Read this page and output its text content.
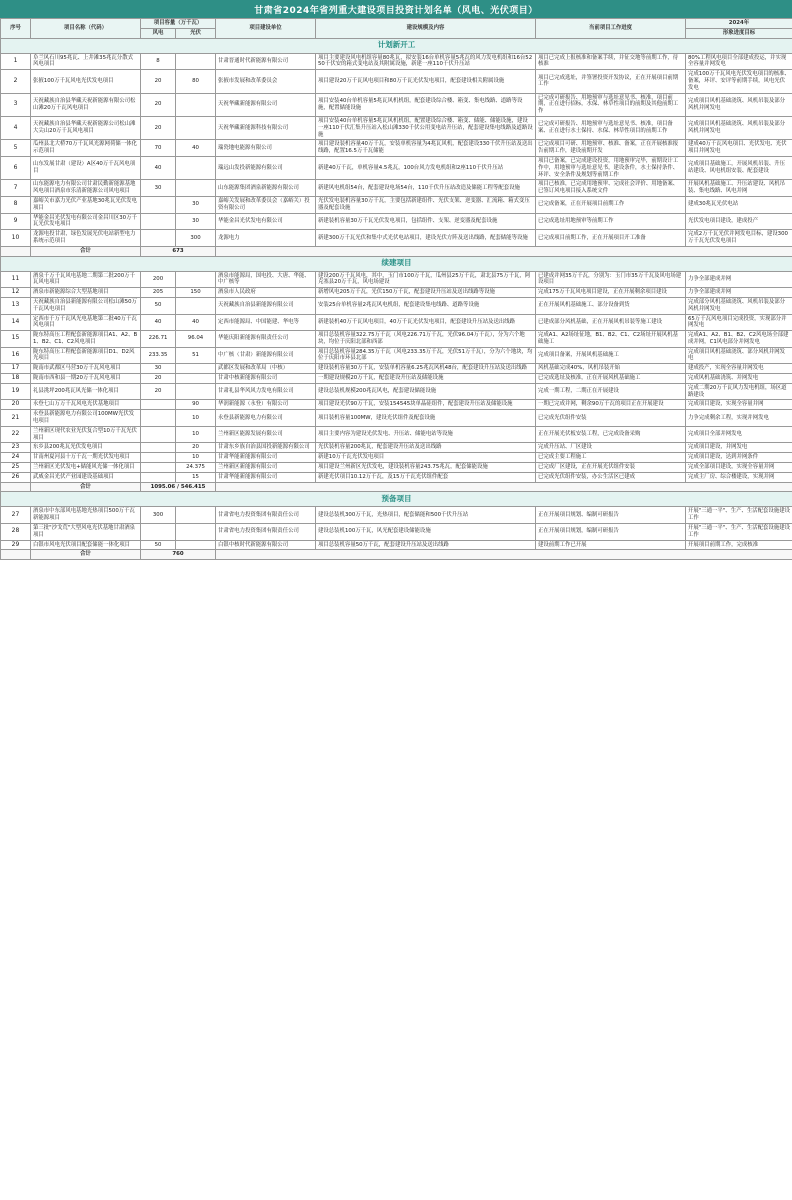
甘肃省2024年省列重大建设项目投资计划名单（风电、光伏项目）
序号	项目名称（代码）	项目容量（万千瓦）		项目建设单位	建设规模及内容	当前项目工作进度	2024年
		风电	光伏				形象进度目标

计划新开工							
1	阜兰风石川95兆瓦、上井滩35兆瓦分散式风电项目	8		甘肃晋通时代新能源有限公司	项目主要建设风电机组容量80兆瓦，拟安装16台单机容量5兆瓦的风力发电机组和16台5250千伏安的箱式变电站及其附属设施，新建一座110千伏升压站	项目已完成上报核准和备案手续，并征交地等前期工作，待核准	80%工程风电项目全部建成投运，并实现全容量并网发电
2	张掖100万千瓦风电光伏发电项目	20	80	张掖市发展和改革委员会	项目建设20万千瓦风电项目和80万千瓦光伏发电项目，配套建设相关附属设施	项目已完成选址，并签署投资开发协议，正在开展项目前期工作	完成100万千瓦风电光伏发电项目的核准、备案，环评、安评等前期手续，风电光伏发电
3	天祝藏族自治县华藏天祝新能源有限公司松山滩20万千瓦风电项目	20		天祝华藏新能源有限公司	项目安装40台单机容量5兆瓦风机机组，配套建设综合楼、箱变、集电线路、道路等设施，配置储能设施	已完成可研报告、用地预审与选址意见书、核准，项目前期，正在进行招标，水保、林草性项目的前期及其他前期工作	完成项目风机基础浇筑、风机吊装及部分风机并网发电
4	天祝藏族自治县华藏天祝新能源公司松山滩大尖山20万千瓦风电项目	20		天祝华藏新能源科技有限公司	项目安装40台单机容量5兆瓦风机机组，配置建设综合楼、箱变、储能、储能设施，建设一座110千伏汇集升压站入松山滩330千伏公用变电站升压站，配套建设集电线路及道路设施	已完成可研报告、用地预审与选址意见书、核准，项目备案、正在进行水土保持、水保、林草性项目的前期工作	完成项目风机基础浇筑、风机吊装及部分风机并网发电
5	瓜州县北大桥70万千瓦风光源网荷储一体化示范项目	70	40	瑞瓷地电能源有限公司	项目建设装机容量40万千瓦，安装单机容量为4兆瓦风机，配套建设330千伏升压站及送出线路，配置16.5万千瓦储能	已完成项目可研、用地预审、核准、备案，正在开展核准报告前期工作，建设前期开发	建成40万千瓦风电项目、光伏发电、光伏项目并网发电
6	山东发展甘肃（建设）A区40万千瓦风电项目	40		瑞远山发投新能源有限公司	新建40万千瓦，单机容量4.5兆瓦，100台风力发电机组和2座110千伏升压站	项目已备案，已完成建设投资，用地预审完毕，前期设计工作中，用地预审与选址意见书，建设条件，水土保持条件、环评、安全条件及规划等前期工作	完成项目基础施工，开展风机吊装、升压站建设、风电机组安装、配套建设
7	山东能源电力有限公司甘肃民勤新能源基地风电项目酒泉市乐清新能源公司风电项目	30		山东能源集团酒泉新能源有限公司	新建风电机组54台，配套建设电场54台，110千伏升压站改造及储能工程等配套设施	项目已核准，已完成用地预审、完成社会评价、用地备案、已签订风电项目接入系统文件	开展风机基础施工、升压站建设、风机吊装、集电线路、风电并网
8	嘉峪关市嘉力光伏产业基地30兆瓦光伏发电项目		30	嘉峪关发展和改革委员会（嘉峪关）投资有限公司	光伏发电装机容量30万千瓦，主要包括新建组件、光伏支架、逆变器、汇流箱、箱式变压器及配套设施	已完成备案，正在开展项目前期工作	建成30兆瓦光伏电站
9	华能金昌光伏发电有限公司金昌川区30万千瓦光伏发电项目		30	华能金昌光伏发电有限公司	新建装机容量30万千瓦光伏发电项目，包括组件、支架、逆变器及配套设施	已完成选址用地预审等前期工作	光伏发电项目建设，建成投产
10	龙源电投甘肃，绿色发展光伏电站新型电力系统示范项目		300	龙源电力	新建300万千瓦光伏和集中式光伏电站项目，建设光伏方阵及送出线路，配套储能等设施	已完成项目前期工作，正在开展项目开工准备	完成2万千瓦光伏并网发电目标，建设300万千瓦光伏发电项目
	合计	673					
续建项目							
11	酒泉千万千瓦风电基地二期第二批200万千瓦风电项目	200		酒泉市能源局，国电投、大唐、华能、中广核等	建设200万千瓦风电，其中，玉门市100万千瓦，瓜州县25万千瓦，肃北县75万千瓦，阿克塞县20万千瓦，风电场建设	已建成并网35万千瓦，分别为：玉门市35万千瓦及风电场建设项目	力争全部建成并网
12	酒泉市新能源综合大型基地项目	205	150	酒泉市人民政府	新增风电205万千瓦，光伏150万千瓦，配套建设升压站及送出线路等设施	完成175万千瓦风电项目建设，正在开展剩余项目建设	力争全部建成并网
13	天祝藏族自治县新能源有限公司松山滩50万千瓦风电项目	50		天祝藏族自治县新能源有限公司	安装25台单机容量2兆瓦风电机组，配套建设集电线路、道路等设施	正在开展风机基础施工、部分设备到货	完成部分风机基础浇筑、风机吊装及部分风机并网发电
14	定西市千万千瓦风光电基地第二批40万千瓦风电项目	40	40	定西市能源局、中国能建、华电等	新建装机40万千瓦风电项目，40万千瓦光伏发电项目，配套建设升压站及送出线路	已建成部分风机基础，正在开展风机吊装等施工建设	65万千瓦风电项目完成投资，实现部分并网发电
15	陇东特高压工程配套新能源项目A1、A2、B1、B2、C1、C2风电项目	226.71	96.04	华能庆阳新能源有限责任公司	项目总装机容量322.75万千瓦（风电226.71万千瓦，光伏96.04万千瓦），分为六个地块，均位于庆阳北部和西部	完成A1、A2场址征地，B1、B2、C1、C2场址开展风机基础施工	完成A1、A2、B1、B2、C2风电场全部建成并网，C1风电部分并网发电
16	陇东特高压工程配套新能源项目D1、D2风光项目	233.35	51	中广核（甘肃）新能源有限公司	项目总装机容量284.35万千瓦（风电233.35万千瓦，光伏51万千瓦），分为六个地块，均位于庆阳市环县北部	完成项目备案，开展风机基础施工	完成项目风机基础浇筑、部分风机并网发电
17	陇南市武都区马营30万千瓦风电项目	30		武都区发展和改革局（中核）	建设装机容量30万千瓦，安装单机容量6.25兆瓦风机48台，配套建设升压站及送出线路	风机基础完成40%，风机吊装开始	建成投产，实现全容量并网发电
18	陇南市西和县一期20万千瓦风电项目	20		甘肃中核新能源有限公司	一期建设规模20万千瓦，配套建设升压站及储能设施	已完成选址及核准，正在开展风机基础施工	完成风机基础浇筑、并网发电
19	礼县洮坪200兆瓦风光储一体化项目	20		甘肃礼县华风风力发电有限公司	建设总装机规模200兆瓦风电，配套建设储能设施	完成一期工程，二期正在开展建设	完成二期20万千瓦风力发电机组，场区道路建设
20	永登七山万万千瓦风电光伏基地项目		90	华润新能源（永登）有限公司	项目建设光伏90万千瓦，安装154545块单晶硅组件，配套建设升压站及储能设施	一期已完成并网，剩余90万千瓦的项目正在开展建设	完成项目建设，实现全容量并网
21	永登县新能源电力有限公司100MW光伏发电项目		10	永登县新能源电力有限公司	项目装机容量100MW，建设光伏组件及配套设施	已完成光伏组件安装	力争完成剩余工程，实现并网发电
22	兰州新区现代农业光伏复合型10万千瓦光伏项目		10	兰州新区能源发展有限公司	项目主要内容为建设光伏发电、升压站、储能电站等设施	正在开展光伏板安装工程，已完成设备采购	完成项目全部并网发电
23	东乡县200兆瓦光伏发电项目		20	甘肃东乡族自治县国投新能源有限公司	光伏装机容量200兆瓦，配套建设升压站及送出线路	完成升压站、厂区建设	完成项目建设，并网发电
24	甘南州夏河县十万千瓦一期光伏发电项目		10	甘肃华能新能源有限公司	新建10万千瓦光伏发电项目	已完成主要工程施工	完成项目建设，达到并网条件
25	兰州新区光伏发电+储能风光储一体化项目		24.375	兰州新区新能源有限公司	项目建设兰州新区光伏发电，建设装机容量243.75兆瓦，配套储能设施	已完成厂区建设，正在开展光伏组件安装	完成全部项目建设，实现全容量并网
26	武威金昌光伏产业园建设基础项目		15	甘肃华能新能源有限公司	新建光伏项目10.12万千瓦，及15万千瓦光伏组件配套	已完成光伏组件安装，办公生活区已建成	完成主厂房、综合楼建设，实现并网
	合计	1095.06 / 546.415					
预备项目							
27	酒泉市中东部风电基地光热项目500万千瓦新能源项目	300		甘肃省电力投资集团有限责任公司	建设总装机300万千瓦，光热项目，配套储能和500千伏升压站	正在开展项目规划、编制可研报告	开展"三通一平"、生产、生活配套设施建设工作
28	第三批"沙戈荒"大型风电光伏基地甘肃酒泉项目			甘肃省电力投资集团有限责任公司	建设总装机100万千瓦，风光配套建设储能设施	正在开展项目规划，编制可研报告	开展"三通一平"、生产、生活配套设施建设工作
29	白银市风电光伏项目配套储能一体化项目	50		白银中核时代新能源有限公司	项目总装机容量50万千瓦，配套建设升压站及送出线路	建设前期工作已开展	开展项目前期工作，完成核准
	合计	760					
